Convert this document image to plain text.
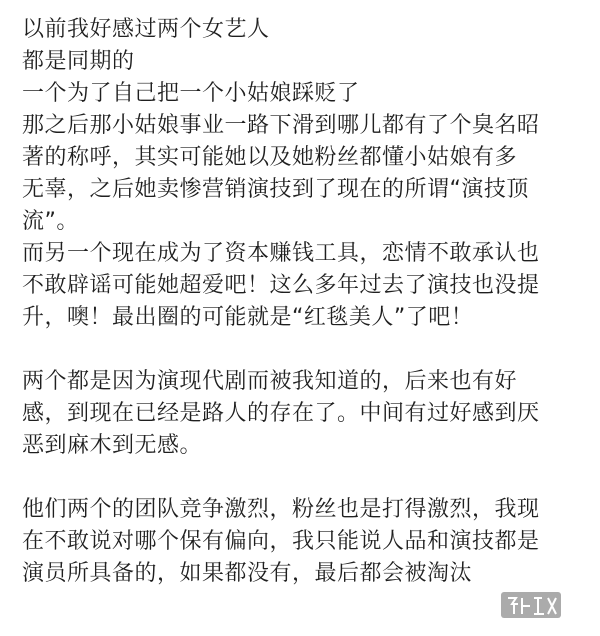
以前我好感过两个女艺人
都是同期的
一个为了自己把一个小姑娘踩贬了
那之后那小姑娘事业一路下滑到哪儿都有了个臭名昭
著的称呼，其实可能她以及她粉丝都懂小姑娘有多
无辜，之后她卖惨营销演技到了现在的所谓“演技顶
流”。
而另一个现在成为了资本赚钱工具，恋情不敢承认也
不敢辟谣可能她超爱吧！这么多年过去了演技也没提
升，噢！最出圈的可能就是“红毯美人”了吧！
两个都是因为演现代剧而被我知道的，后来也有好
感，到现在已经是路人的存在了。中间有过好感到厌
恶到麻木到无感。
他们两个的团队竞争激烈，粉丝也是打得激烈，我现
在不敢说对哪个保有偏向，我只能说人品和演技都是
演员所具备的，如果都没有，最后都会被淘汰
